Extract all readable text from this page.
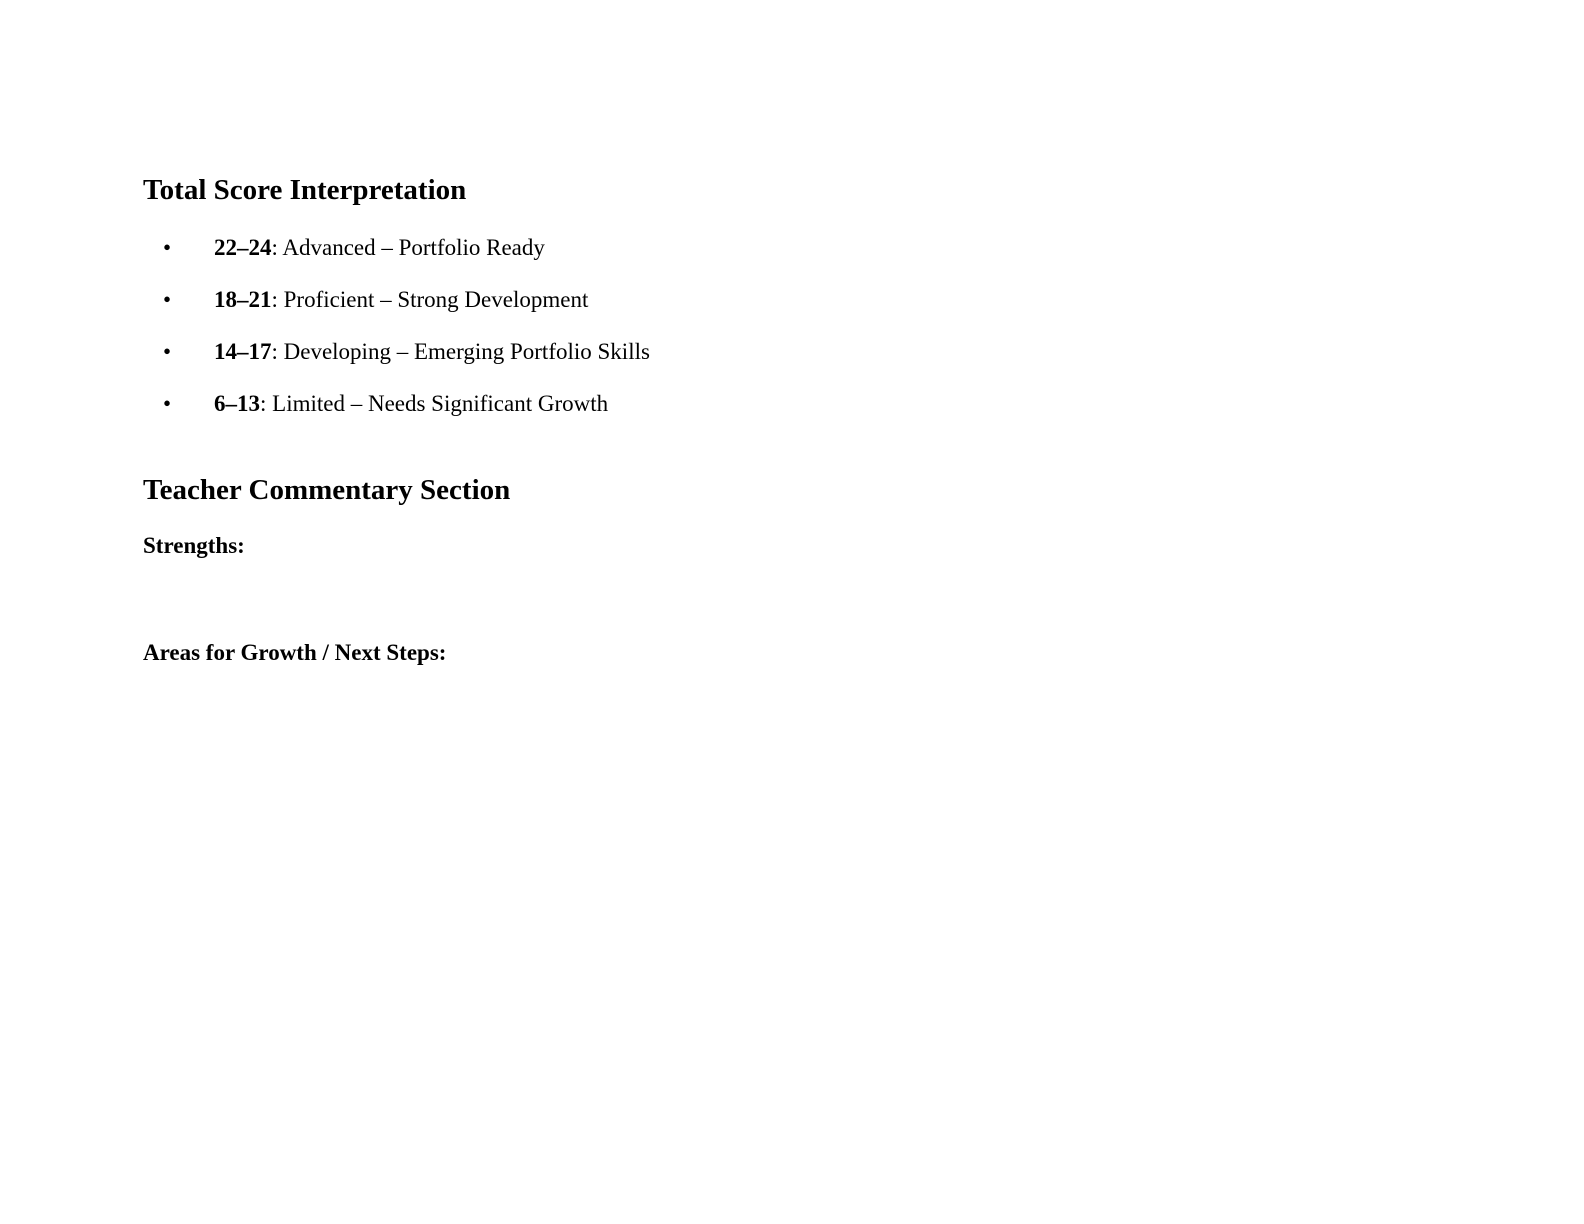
Total Score Interpretation
• 22–24: Advanced – Portfolio Ready
• 18–21: Proficient – Strong Development
• 14–17: Developing – Emerging Portfolio Skills
• 6–13: Limited – Needs Significant Growth
Teacher Commentary Section

Strengths:

Areas for Growth / Next Steps:
